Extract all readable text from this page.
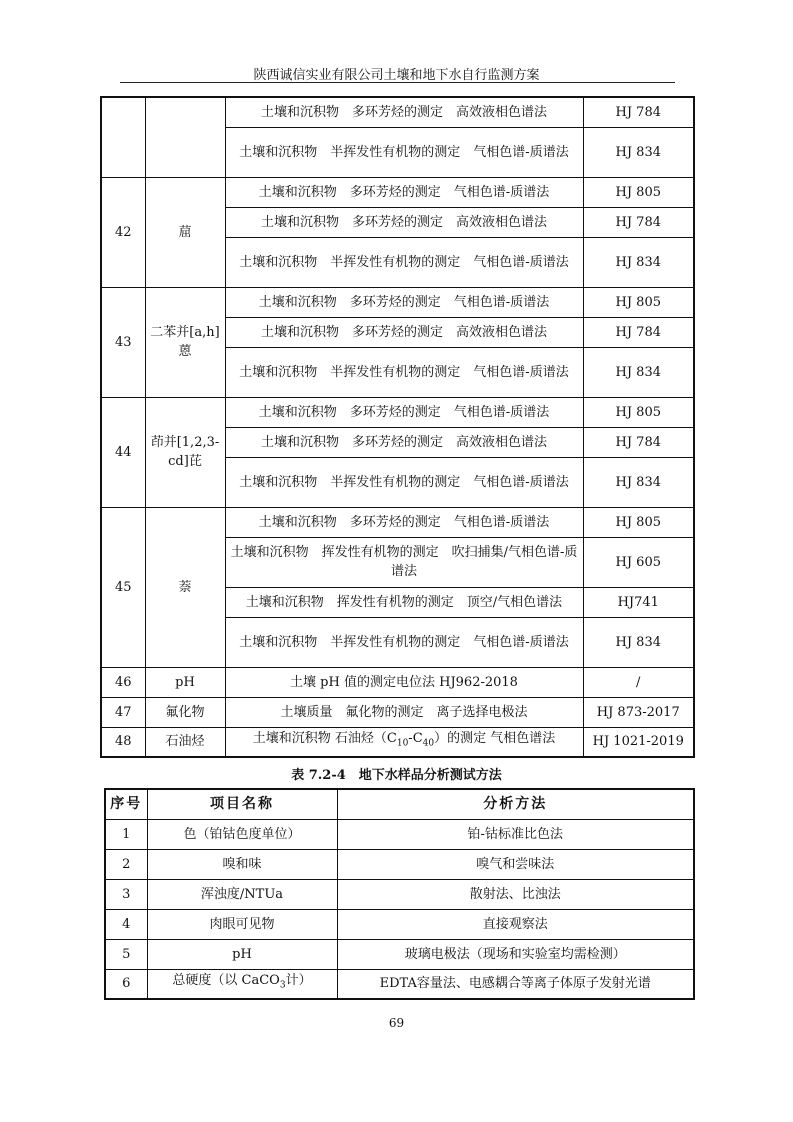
陕西诚信实业有限公司土壤和地下水自行监测方案
		土壤和沉积物　多环芳烃的测定　高效液相色谱法	HJ 784
		土壤和沉积物　半挥发性有机物的测定　气相色谱-质谱法	HJ 834
42	䓛	土壤和沉积物　多环芳烃的测定　气相色谱-质谱法	HJ 805
		土壤和沉积物　多环芳烃的测定　高效液相色谱法	HJ 784
		土壤和沉积物　半挥发性有机物的测定　气相色谱-质谱法	HJ 834
43	二苯并[a,h]蒽	土壤和沉积物　多环芳烃的测定　气相色谱-质谱法	HJ 805
		土壤和沉积物　多环芳烃的测定　高效液相色谱法	HJ 784
		土壤和沉积物　半挥发性有机物的测定　气相色谱-质谱法	HJ 834
44	茚并[1,2,3-cd]芘	土壤和沉积物　多环芳烃的测定　气相色谱-质谱法	HJ 805
		土壤和沉积物　多环芳烃的测定　高效液相色谱法	HJ 784
		土壤和沉积物　半挥发性有机物的测定　气相色谱-质谱法	HJ 834
45	萘	土壤和沉积物　多环芳烃的测定　气相色谱-质谱法	HJ 805
		土壤和沉积物　挥发性有机物的测定　吹扫捕集/气相色谱-质谱法	HJ 605
		土壤和沉积物　挥发性有机物的测定　顶空/气相色谱法	HJ741
		土壤和沉积物　半挥发性有机物的测定　气相色谱-质谱法	HJ 834
46	pH	土壤 pH 值的测定电位法 HJ962-2018	/
47	氟化物	土壤质量　氟化物的测定　离子选择电极法	HJ 873-2017
48	石油烃	土壤和沉积物 石油烃$(C_{10}-C_{40})$的测定 气相色谱法	HJ 1021-2019
表 7.2-4　地下水样品分析测试方法
序号	项目名称	分析方法
1	色（铂钴色度单位）	铂-钴标准比色法
2	嗅和味	嗅气和尝味法
3	浑浊度/NTUa	散射法、比浊法
4	肉眼可见物	直接观察法
5	pH	玻璃电极法（现场和实验室均需检测）
6	总硬度（以 CaCO$_3$计）	EDTA容量法、电感耦合等离子体原子发射光谱
69
